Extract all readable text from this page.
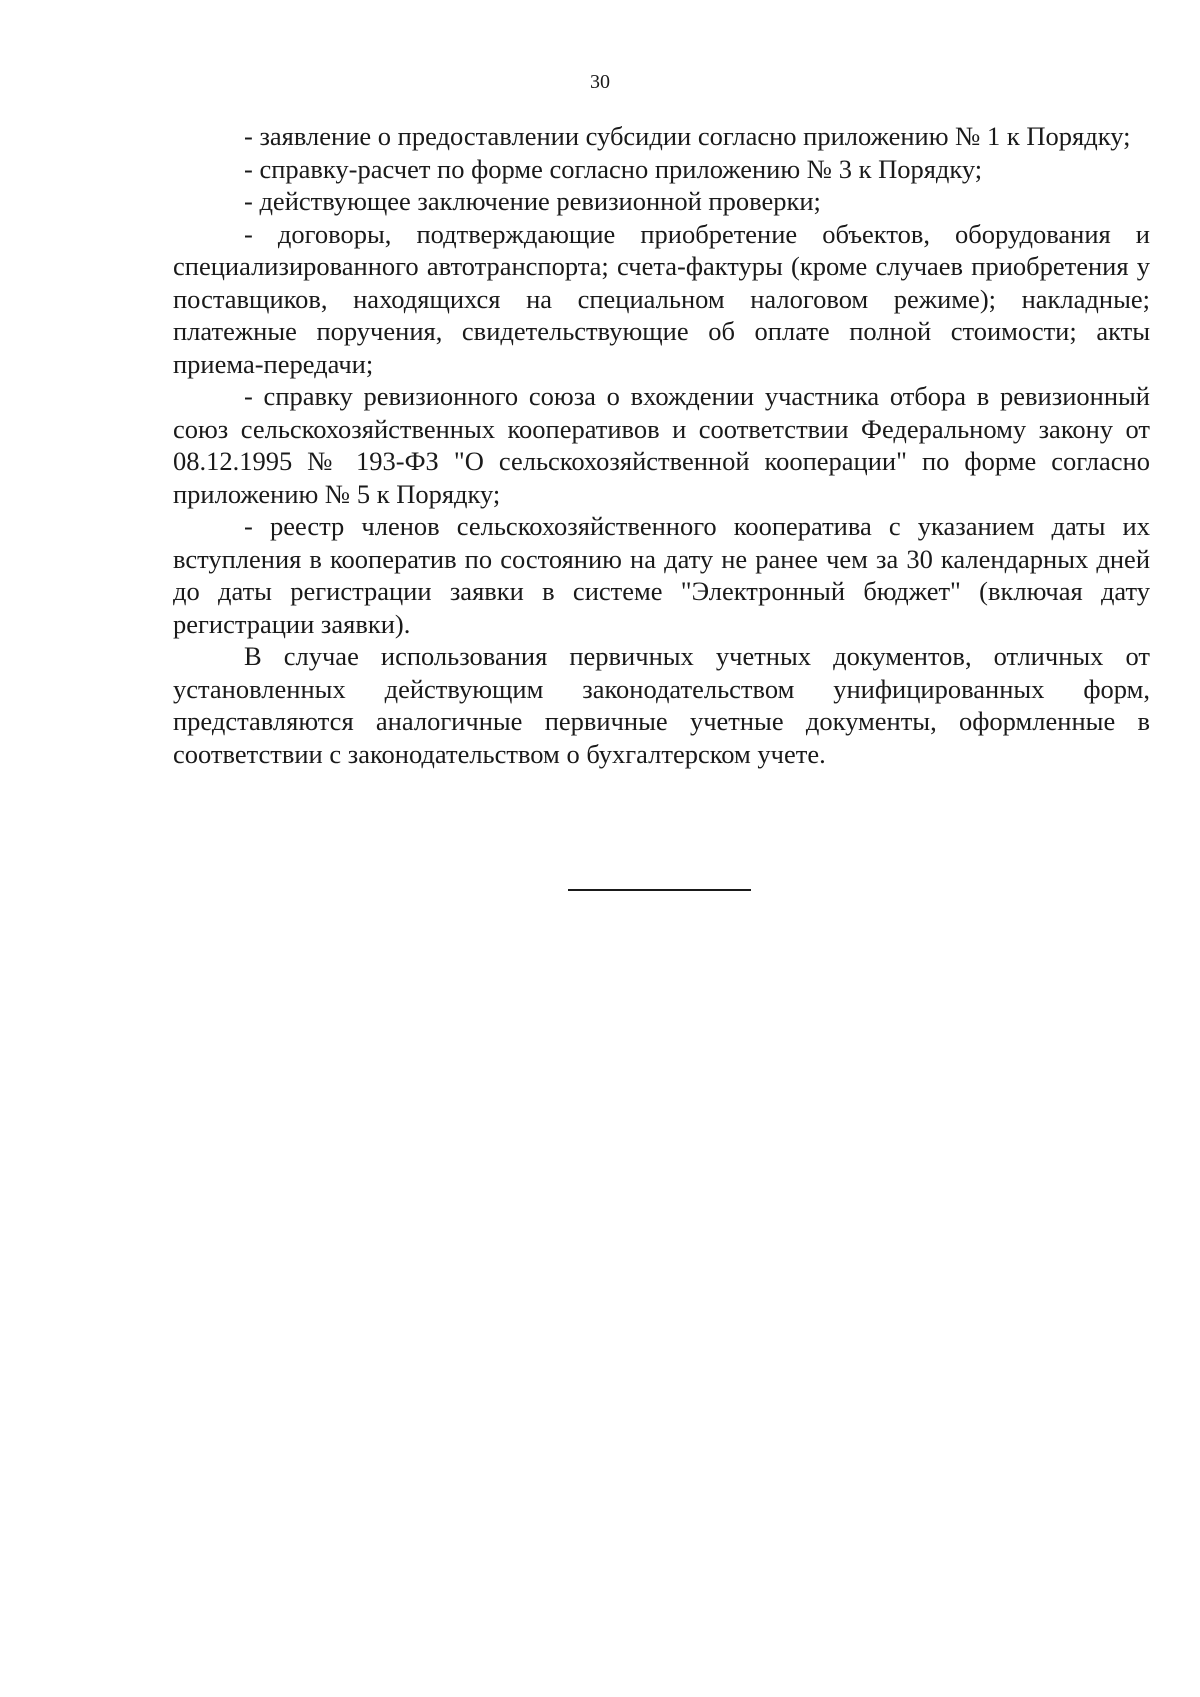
30

- заявление о предоставлении субсидии согласно приложению № 1 к Порядку;

- справку-расчет по форме согласно приложению № 3 к Порядку;

- действующее заключение ревизионной проверки;

- договоры, подтверждающие приобретение объектов, оборудования и специализированного автотранспорта; счета-фактуры (кроме случаев приобретения у поставщиков, находящихся на специальном налоговом режиме); накладные; платежные поручения, свидетельствующие об оплате полной стоимости; акты приема-передачи;

- справку ревизионного союза о вхождении участника отбора в ревизионный союз сельскохозяйственных кооперативов и соответствии Федеральному закону от 08.12.1995 № 193-ФЗ "О сельскохозяйственной кооперации" по форме согласно приложению № 5 к Порядку;

- реестр членов сельскохозяйственного кооператива с указанием даты их вступления в кооператив по состоянию на дату не ранее чем за 30 календарных дней до даты регистрации заявки в системе "Электронный бюджет" (включая дату регистрации заявки).

В случае использования первичных учетных документов, отличных от установленных действующим законодательством унифицированных форм, представляются аналогичные первичные учетные документы, оформленные в соответствии с законодательством о бухгалтерском учете.
